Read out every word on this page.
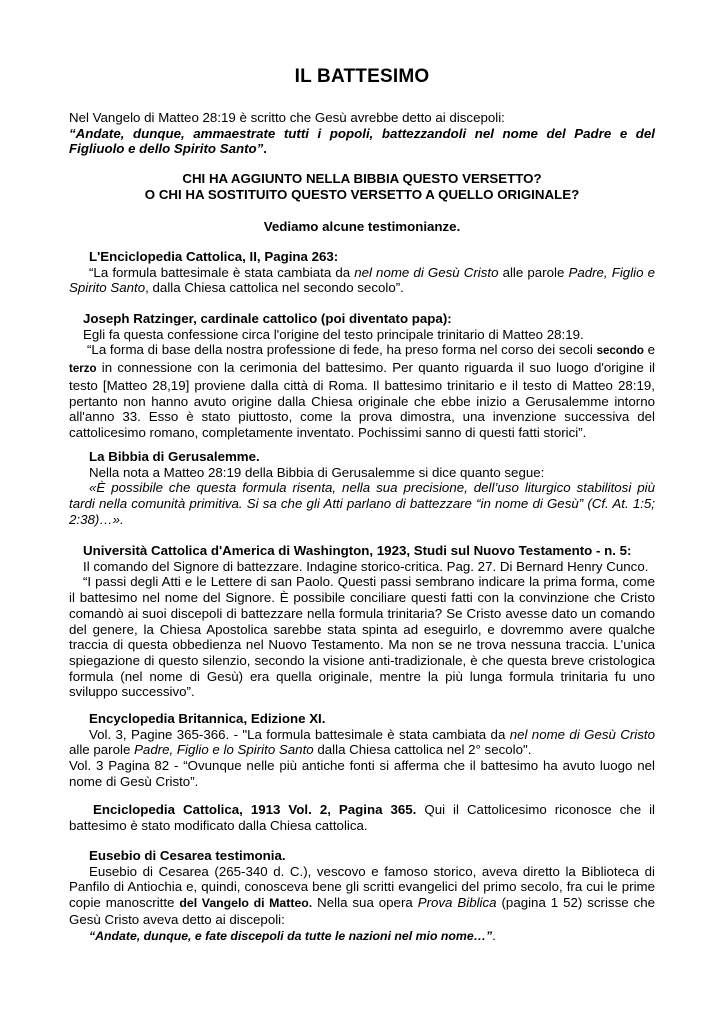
IL BATTESIMO

Nel Vangelo di Matteo 28:19 è scritto che Gesù avrebbe detto ai discepoli:

“Andate, dunque, ammaestrate tutti i popoli, battezzandoli nel nome del Padre e del Figliuolo e dello Spirito Santo”.

CHI HA AGGIUNTO NELLA BIBBIA QUESTO VERSETTO?

O CHI HA SOSTITUITO QUESTO VERSETTO A QUELLO ORIGINALE?

Vediamo alcune testimonianze.

L'Enciclopedia Cattolica, II, Pagina 263:

“La formula battesimale è stata cambiata da nel nome di Gesù Cristo alle parole Padre, Figlio e Spirito Santo, dalla Chiesa cattolica nel secondo secolo”.

Joseph Ratzinger, cardinale cattolico (poi diventato papa):

Egli fa questa confessione circa l'origine del testo principale trinitario di Matteo 28:19.

“La forma di base della nostra professione di fede, ha preso forma nel corso dei secoli secondo e terzo in connessione con la cerimonia del battesimo. Per quanto riguarda il suo luogo d'origine il testo [Matteo 28,19] proviene dalla città di Roma. Il battesimo trinitario e il testo di Matteo 28:19, pertanto non hanno avuto origine dalla Chiesa originale che ebbe inizio a Gerusalemme intorno all'anno 33. Esso è stato piuttosto, come la prova dimostra, una invenzione successiva del cattolicesimo romano, completamente inventato. Pochissimi sanno di questi fatti storici”.

La Bibbia di Gerusalemme.

Nella nota a Matteo 28:19 della Bibbia di Gerusalemme si dice quanto segue:

«È possibile che questa formula risenta, nella sua precisione, dell’uso liturgico stabilitosi più tardi nella comunità primitiva. Si sa che gli Atti parlano di battezzare “in nome di Gesù” (Cf. At. 1:5; 2:38)…».

Università Cattolica d'America di Washington, 1923, Studi sul Nuovo Testamento - n. 5:

Il comando del Signore di battezzare. Indagine storico-critica. Pag. 27. Di Bernard Henry Cunco.

“I passi degli Atti e le Lettere di san Paolo. Questi passi sembrano indicare la prima forma, come il battesimo nel nome del Signore. È possibile conciliare questi fatti con la convinzione che Cristo comandò ai suoi discepoli di battezzare nella formula trinitaria? Se Cristo avesse dato un comando del genere, la Chiesa Apostolica sarebbe stata spinta ad eseguirlo, e dovremmo avere qualche traccia di questa obbedienza nel Nuovo Testamento. Ma non se ne trova nessuna traccia. L'unica spiegazione di questo silenzio, secondo la visione anti-tradizionale, è che questa breve cristologica formula (nel nome di Gesù) era quella originale, mentre la più lunga formula trinitaria fu uno sviluppo successivo”.

Encyclopedia Britannica, Edizione XI.

Vol. 3, Pagine 365-366. - "La formula battesimale è stata cambiata da nel nome di Gesù Cristo alle parole Padre, Figlio e lo Spirito Santo dalla Chiesa cattolica nel 2° secolo".

Vol. 3 Pagina 82 - “Ovunque nelle più antiche fonti si afferma che il battesimo ha avuto luogo nel nome di Gesù Cristo”.

Enciclopedia Cattolica, 1913 Vol. 2, Pagina 365. Qui il Cattolicesimo riconosce che il battesimo è stato modificato dalla Chiesa cattolica.

Eusebio di Cesarea testimonia.

Eusebio di Cesarea (265-340 d. C.), vescovo e famoso storico, aveva diretto la Biblioteca di Panfilo di Antiochia e, quindi, conosceva bene gli scritti evangelici del primo secolo, fra cui le prime copie manoscritte del Vangelo di Matteo. Nella sua opera Prova Biblica (pagina 1 52) scrisse che Gesù Cristo aveva detto ai discepoli:

“Andate, dunque, e fate discepoli da tutte le nazioni nel mio nome…”.
